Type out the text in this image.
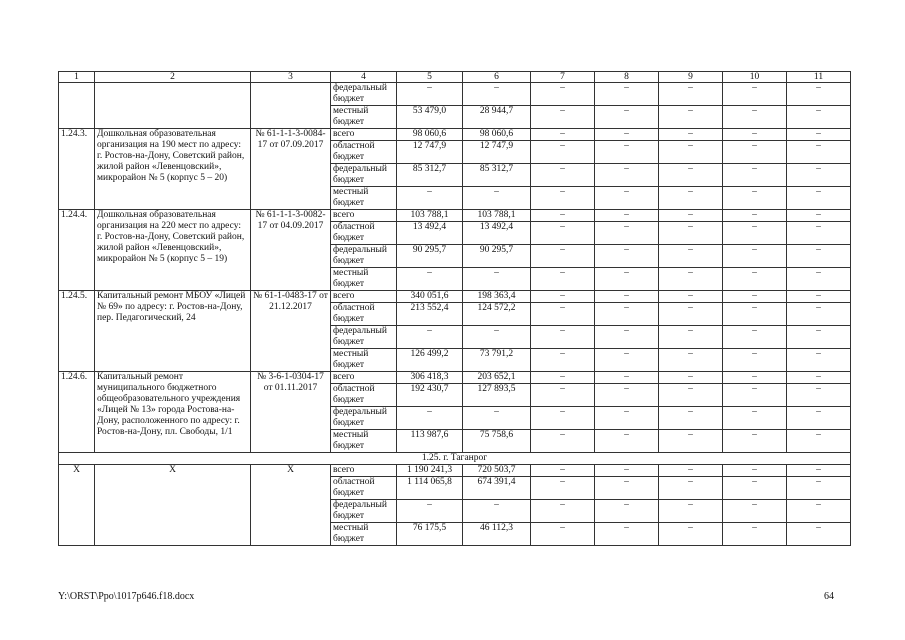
1	2	3	4	5	6	7	8	9	10	11
			федеральный бюджет	–	–	–	–	–	–	–
			местный бюджет	53 479,0	28 944,7	–	–	–	–	–
1.24.3.	Дошкольная образовательная организация на 190 мест по адресу: г. Ростов-на-Дону, Советский район, жилой район «Левенцовский», микрорайон № 5 (корпус 5 – 20)	№ 61-1-1-3-0084-17 от 07.09.2017	всего	98 060,6	98 060,6	–	–	–	–	–
			областной бюджет	12 747,9	12 747,9	–	–	–	–	–
			федеральный бюджет	85 312,7	85 312,7	–	–	–	–	–
			местный бюджет	–	–	–	–	–	–	–
1.24.4.	Дошкольная образовательная организация на 220 мест по адресу: г. Ростов-на-Дону, Советский район, жилой район «Левенцовский», микрорайон № 5 (корпус 5 – 19)	№ 61-1-1-3-0082-17 от 04.09.2017	всего	103 788,1	103 788,1	–	–	–	–	–
			областной бюджет	13 492,4	13 492,4	–	–	–	–	–
			федеральный бюджет	90 295,7	90 295,7	–	–	–	–	–
			местный бюджет	–	–	–	–	–	–	–
1.24.5.	Капитальный ремонт МБОУ «Лицей № 69» по адресу: г. Ростов-на-Дону, пер. Педагогический, 24	№ 61-1-0483-17 от 21.12.2017	всего	340 051,6	198 363,4	–	–	–	–	–
			областной бюджет	213 552,4	124 572,2	–	–	–	–	–
			федеральный бюджет	–	–	–	–	–	–	–
			местный бюджет	126 499,2	73 791,2	–	–	–	–	–
1.24.6.	Капитальный ремонт муниципального бюджетного общеобразовательного учреждения «Лицей № 13» города Ростова-на-Дону, расположенного по адресу: г. Ростов-на-Дону, пл. Свободы, 1/1	№ 3-6-1-0304-17 от 01.11.2017	всего	306 418,3	203 652,1	–	–	–	–	–
			областной бюджет	192 430,7	127 893,5	–	–	–	–	–
			федеральный бюджет	–	–	–	–	–	–	–
			местный бюджет	113 987,6	75 758,6	–	–	–	–	–
1.25. г. Таганрог										
Х	Х	Х	всего	1 190 241,3	720 503,7	–	–	–	–	–
			областной бюджет	1 114 065,8	674 391,4	–	–	–	–	–
			федеральный бюджет	–	–	–	–	–	–	–
			местный бюджет	76 175,5	46 112,3	–	–	–	–	–
Y:\ORST\Ppo\1017p646.f18.docx	64
